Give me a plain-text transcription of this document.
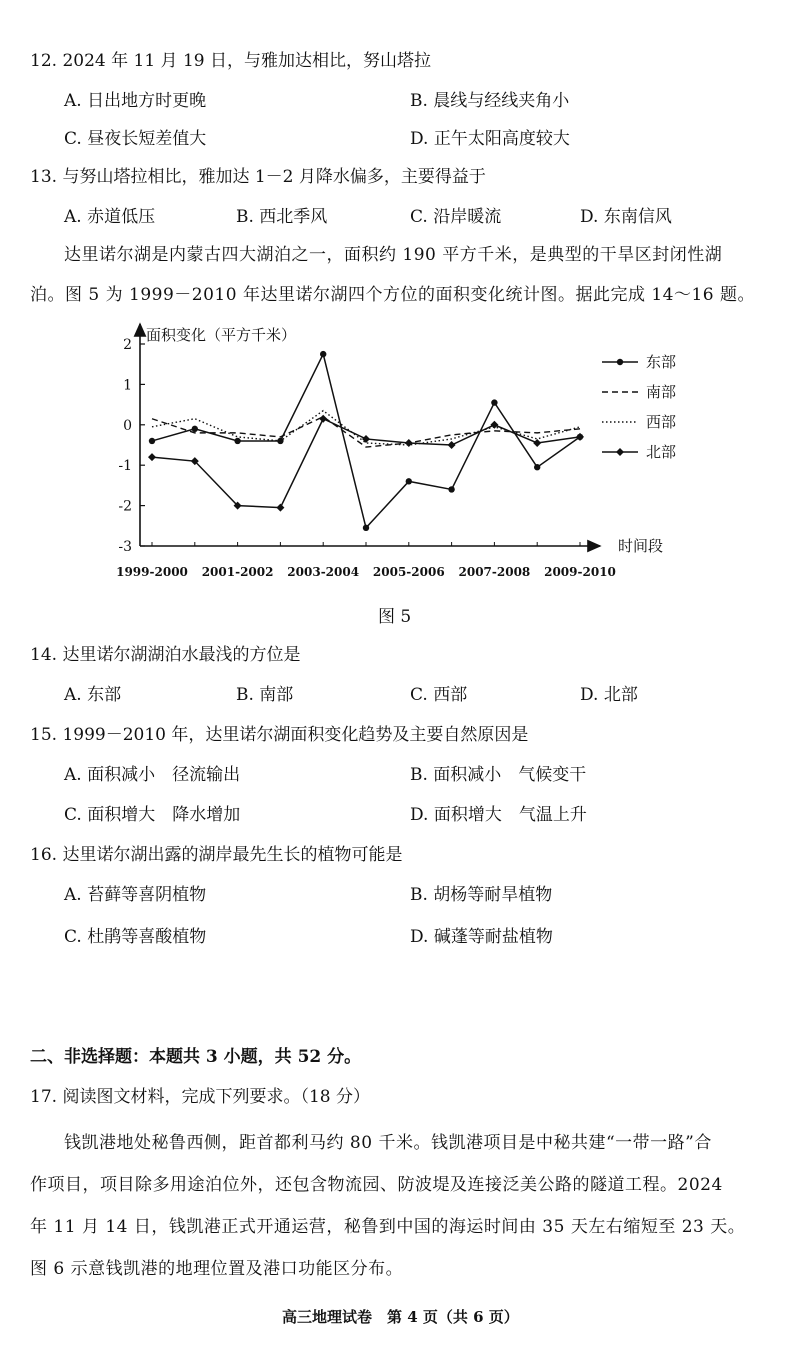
12. 2024 年 11 月 19 日，与雅加达相比，努山塔拉
A. 日出地方时更晚	B. 晨线与经线夹角小
C. 昼夜长短差值大	D. 正午太阳高度较大
13. 与努山塔拉相比，雅加达 1－2 月降水偏多，主要得益于
A. 赤道低压	B. 西北季风	C. 沿岸暖流	D. 东南信风
达里诺尔湖是内蒙古四大湖泊之一，面积约 190 平方千米，是典型的干旱区封闭性湖
泊。图 5 为 1999－2010 年达里诺尔湖四个方位的面积变化统计图。据此完成 14～16 题。
2
1
0
-1
-2
-3
1999-2000 2001-2002 2003-2004 2005-2006 2007-2008 2009-2010
面积变化（平方千米）
时间段
东部
南部
西部
北部
图 5
14. 达里诺尔湖湖泊水最浅的方位是
A. 东部	B. 南部	C. 西部	D. 北部
15. 1999－2010 年，达里诺尔湖面积变化趋势及主要自然原因是
A. 面积减小　径流输出	B. 面积减小　气候变干
C. 面积增大　降水增加	D. 面积增大　气温上升
16. 达里诺尔湖出露的湖岸最先生长的植物可能是
A. 苔藓等喜阴植物	B. 胡杨等耐旱植物
C. 杜鹃等喜酸植物	D. 碱蓬等耐盐植物
二、非选择题：本题共 3 小题，共 52 分。
17. 阅读图文材料，完成下列要求。（18 分）
钱凯港地处秘鲁西侧，距首都利马约 80 千米。钱凯港项目是中秘共建“一带一路”合
作项目，项目除多用途泊位外，还包含物流园、防波堤及连接泛美公路的隧道工程。2024
年 11 月 14 日，钱凯港正式开通运营，秘鲁到中国的海运时间由 35 天左右缩短至 23 天。
图 6 示意钱凯港的地理位置及港口功能区分布。
高三地理试卷　第 4 页（共 6 页）
